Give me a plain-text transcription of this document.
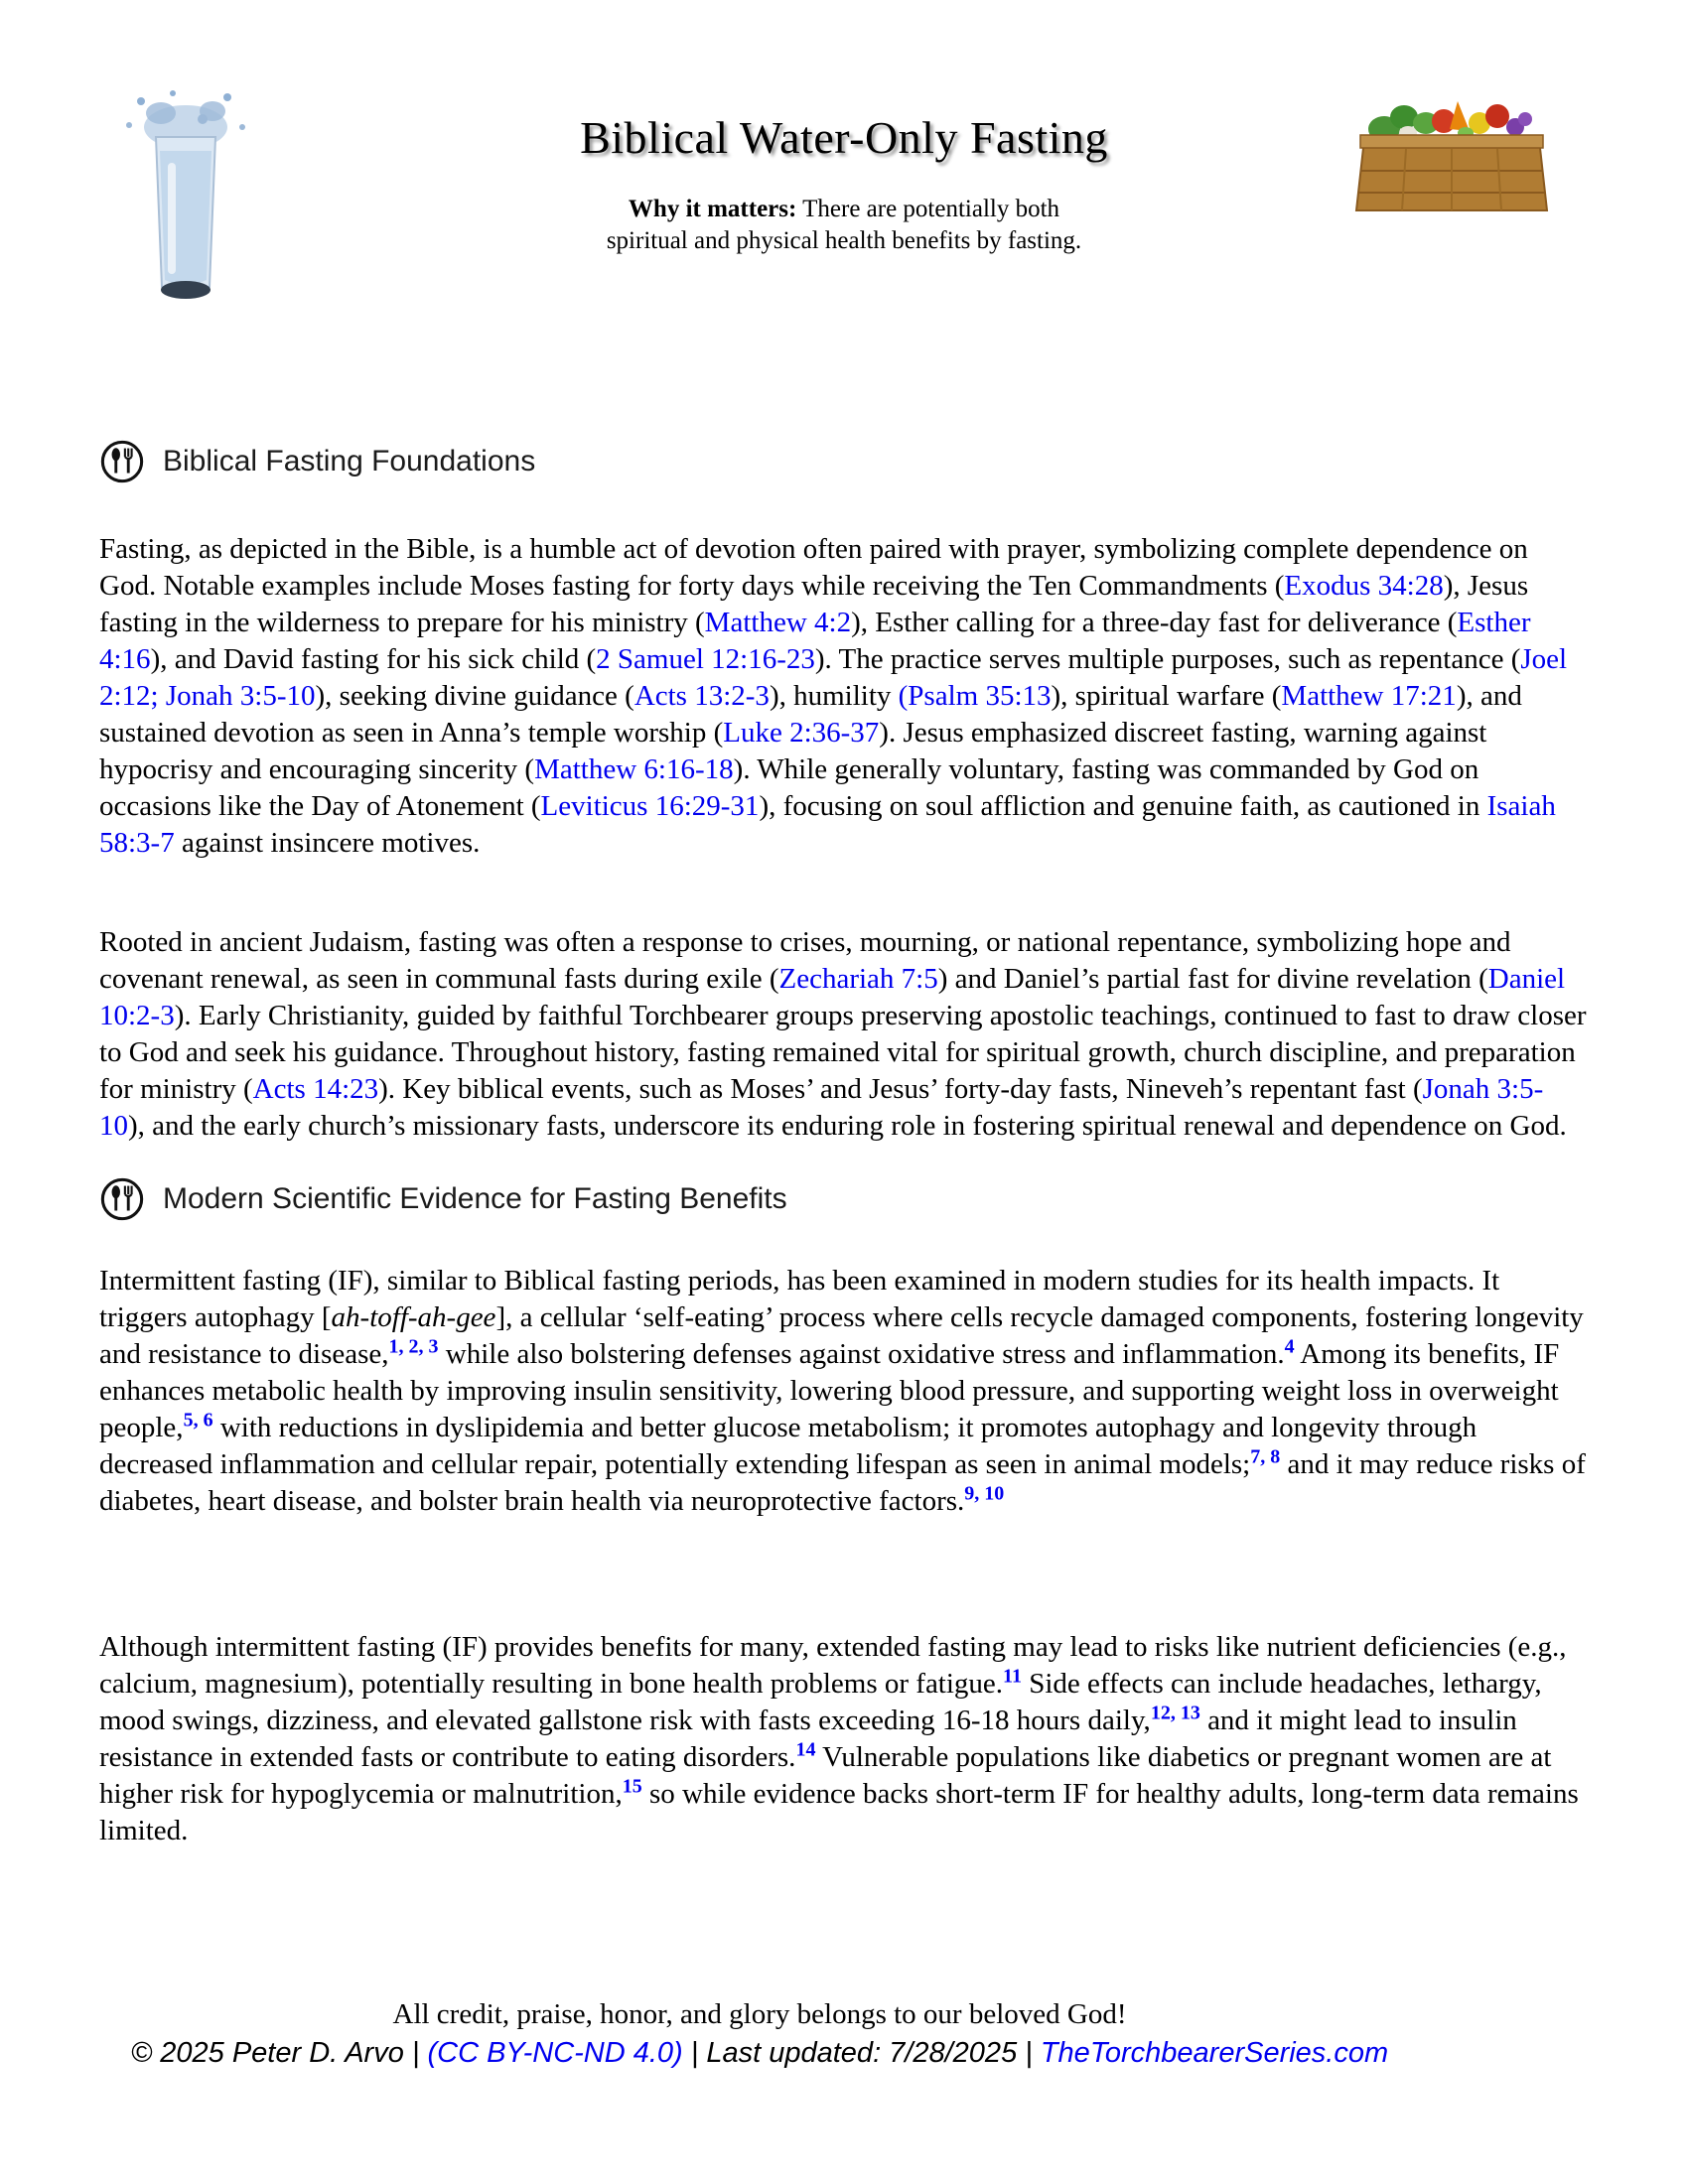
Biblical Water-Only Fasting
Why it matters: There are potentially both spiritual and physical health benefits by fasting.
Biblical Fasting Foundations

Fasting, as depicted in the Bible, is a humble act of devotion often paired with prayer, symbolizing complete dependence on God. Notable examples include Moses fasting for forty days while receiving the Ten Commandments (Exodus 34:28), Jesus fasting in the wilderness to prepare for his ministry (Matthew 4:2), Esther calling for a three-day fast for deliverance (Esther 4:16), and David fasting for his sick child (2 Samuel 12:16-23). The practice serves multiple purposes, such as repentance (Joel 2:12; Jonah 3:5-10), seeking divine guidance (Acts 13:2-3), humility (Psalm 35:13), spiritual warfare (Matthew 17:21), and sustained devotion as seen in Anna’s temple worship (Luke 2:36-37). Jesus emphasized discreet fasting, warning against hypocrisy and encouraging sincerity (Matthew 6:16-18). While generally voluntary, fasting was commanded by God on occasions like the Day of Atonement (Leviticus 16:29-31), focusing on soul affliction and genuine faith, as cautioned in Isaiah 58:3-7 against insincere motives.

Rooted in ancient Judaism, fasting was often a response to crises, mourning, or national repentance, symbolizing hope and covenant renewal, as seen in communal fasts during exile (Zechariah 7:5) and Daniel’s partial fast for divine revelation (Daniel 10:2-3). Early Christianity, guided by faithful Torchbearer groups preserving apostolic teachings, continued to fast to draw closer to God and seek his guidance. Throughout history, fasting remained vital for spiritual growth, church discipline, and preparation for ministry (Acts 14:23). Key biblical events, such as Moses’ and Jesus’ forty-day fasts, Nineveh’s repentant fast (Jonah 3:5-10), and the early church’s missionary fasts, underscore its enduring role in fostering spiritual renewal and dependence on God.

Modern Scientific Evidence for Fasting Benefits

Intermittent fasting (IF), similar to Biblical fasting periods, has been examined in modern studies for its health impacts. It triggers autophagy [ah-toff-ah-gee], a cellular ‘self-eating’ process where cells recycle damaged components, fostering longevity and resistance to disease,$^{1, 2, 3}$ while also bolstering defenses against oxidative stress and inflammation.$^4$ Among its benefits, IF enhances metabolic health by improving insulin sensitivity, lowering blood pressure, and supporting weight loss in overweight people,$^{5, 6}$ with reductions in dyslipidemia and better glucose metabolism; it promotes autophagy and longevity through decreased inflammation and cellular repair, potentially extending lifespan as seen in animal models;$^{7, 8}$ and it may reduce risks of diabetes, heart disease, and bolster brain health via neuroprotective factors.$^{9, 10}$

Although intermittent fasting (IF) provides benefits for many, extended fasting may lead to risks like nutrient deficiencies (e.g., calcium, magnesium), potentially resulting in bone health problems or fatigue.$^{11}$ Side effects can include headaches, lethargy, mood swings, dizziness, and elevated gallstone risk with fasts exceeding 16-18 hours daily,$^{12, 13}$ and it might lead to insulin resistance in extended fasts or contribute to eating disorders.$^{14}$ Vulnerable populations like diabetics or pregnant women are at higher risk for hypoglycemia or malnutrition,$^{15}$ so while evidence backs short-term IF for healthy adults, long-term data remains limited.

All credit, praise, honor, and glory belongs to our beloved God!
© 2025 Peter D. Arvo | (CC BY-NC-ND 4.0) | Last updated: 7/28/2025 | TheTorchbearerSeries.com
